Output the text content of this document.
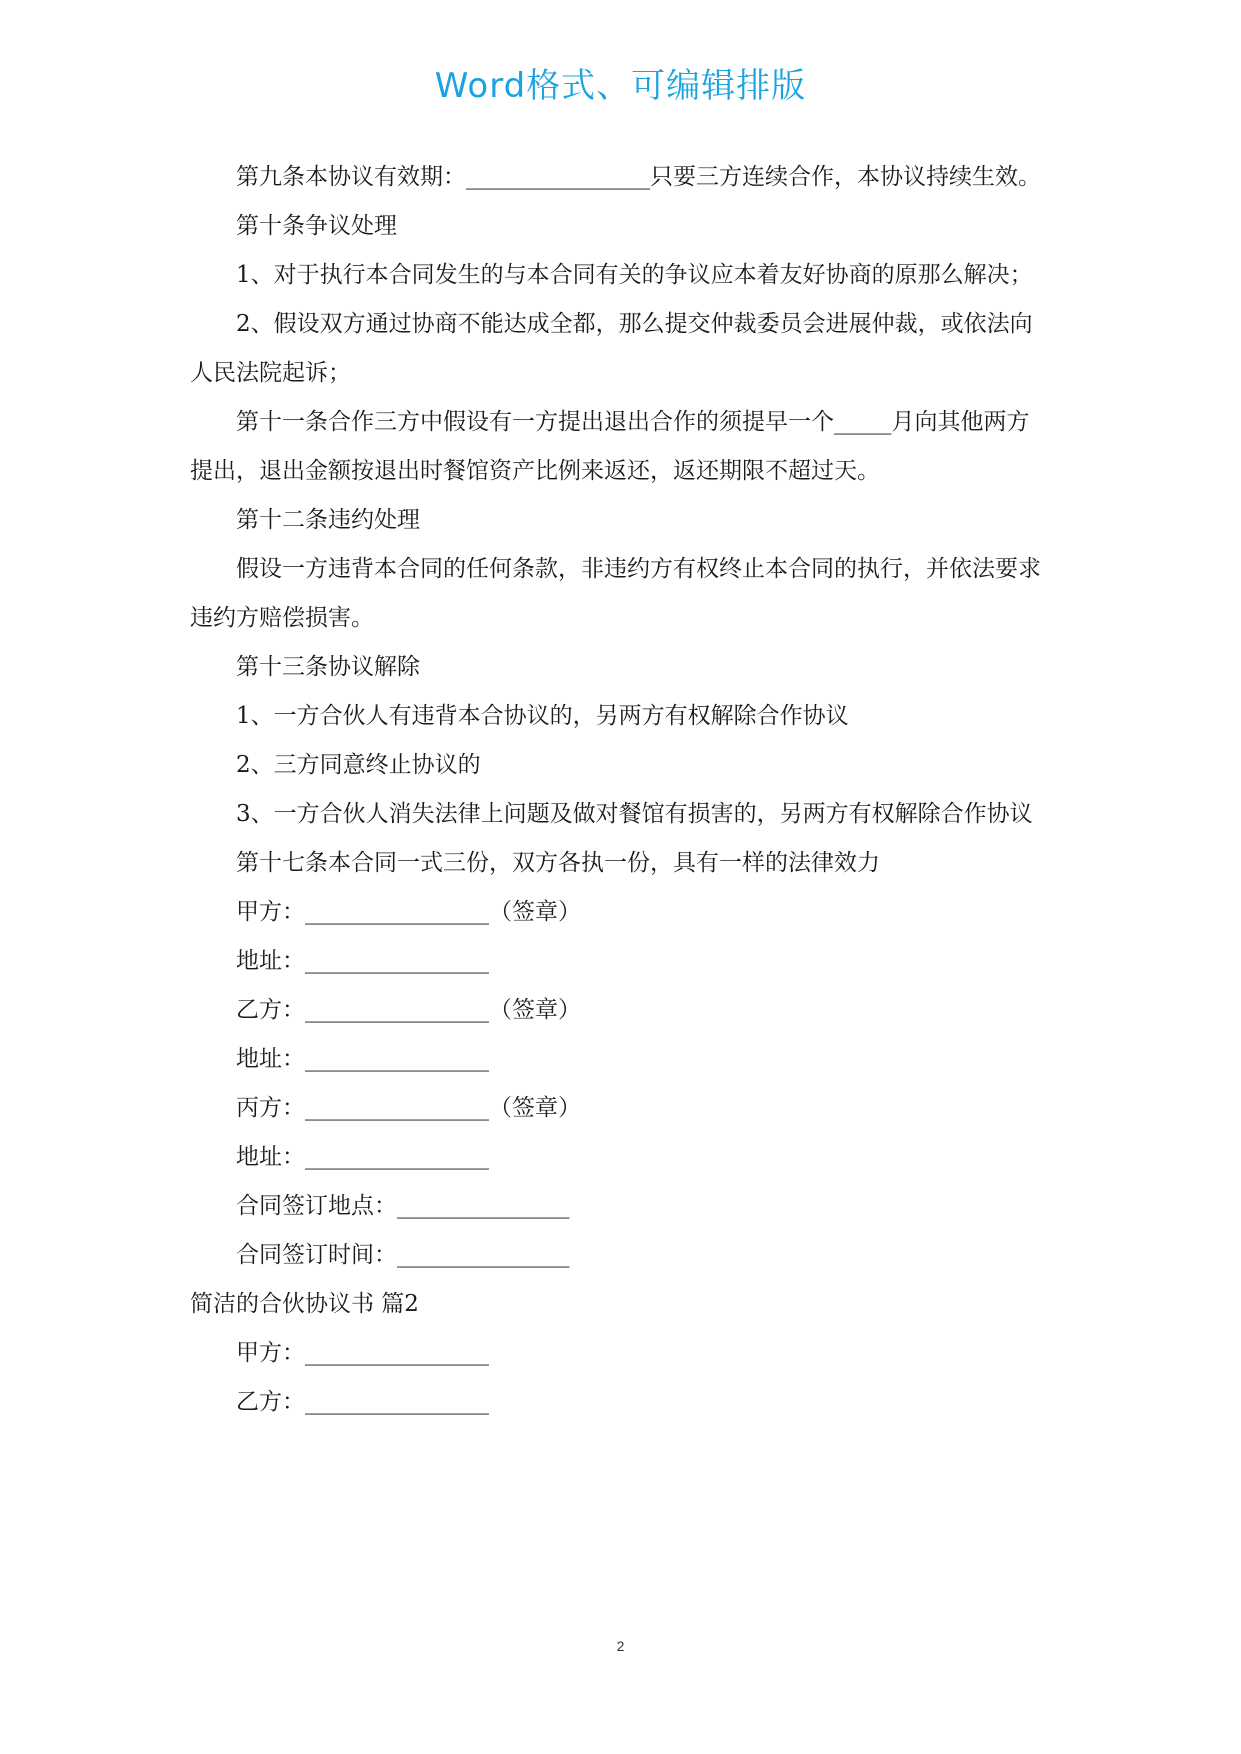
Word格式、可编辑排版

第九条本协议有效期：________________只要三方连续合作，本协议持续生效。

第十条争议处理

1、对于执行本合同发生的与本合同有关的争议应本着友好协商的原那么解决；

2、假设双方通过协商不能达成全都，那么提交仲裁委员会进展仲裁，或依法向人民法院起诉；

第十一条合作三方中假设有一方提出退出合作的须提早一个_____月向其他两方提出，退出金额按退出时餐馆资产比例来返还，返还期限不超过天。

第十二条违约处理

假设一方违背本合同的任何条款，非违约方有权终止本合同的执行，并依法要求违约方赔偿损害。

第十三条协议解除

1、一方合伙人有违背本合协议的，另两方有权解除合作协议

2、三方同意终止协议的

3、一方合伙人消失法律上问题及做对餐馆有损害的，另两方有权解除合作协议

第十七条本合同一式三份，双方各执一份，具有一样的法律效力

甲方：________________（签章）

地址：________________

乙方：________________（签章）

地址：________________

丙方：________________（签章）

地址：________________

合同签订地点：_______________

合同签订时间：_______________

简洁的合伙协议书 篇2

甲方：________________

乙方：________________

2
